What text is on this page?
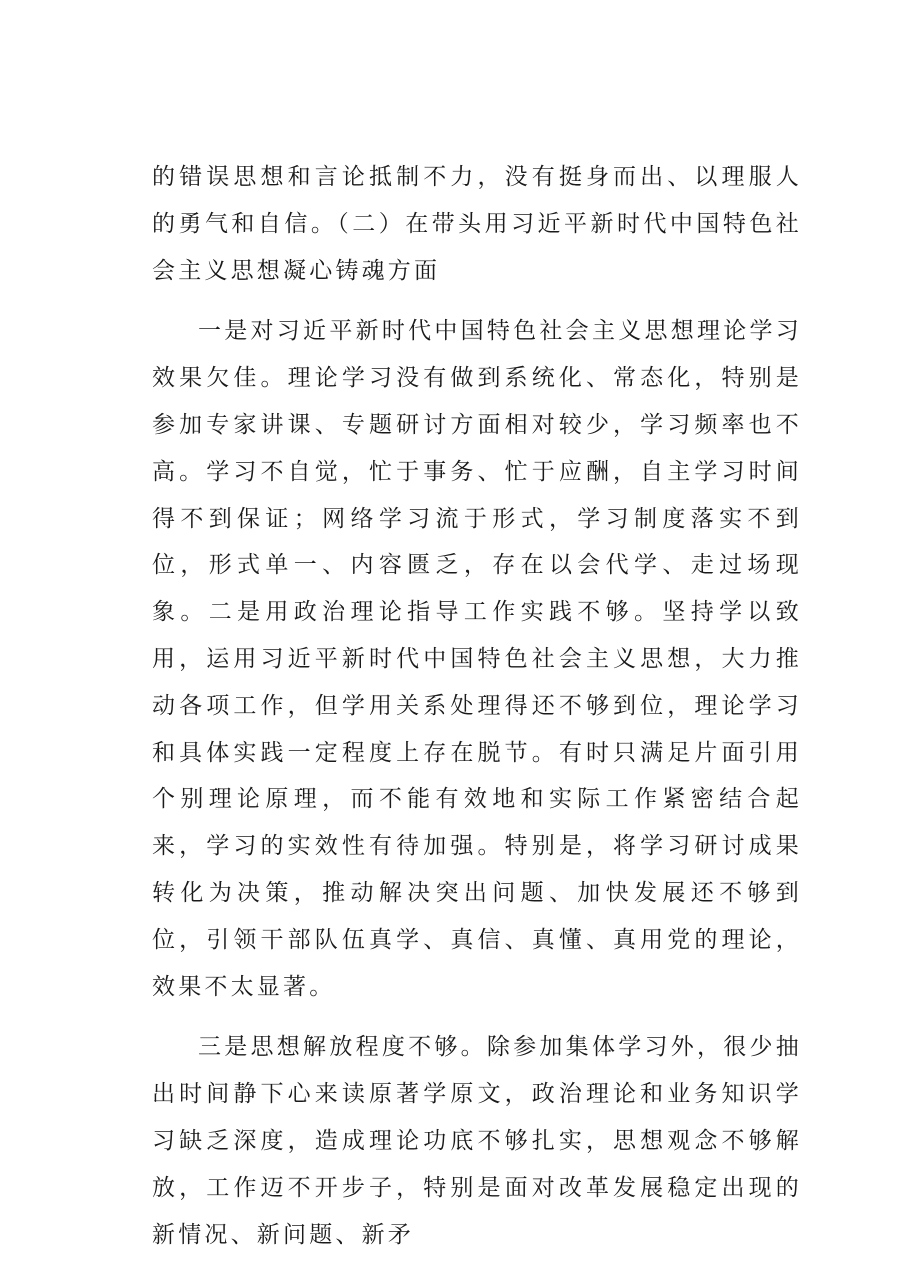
的错误思想和言论抵制不力，没有挺身而出、以理服人的勇气和自信。（二）在带头用习近平新时代中国特色社会主义思想凝心铸魂方面

一是对习近平新时代中国特色社会主义思想理论学习效果欠佳。理论学习没有做到系统化、常态化，特别是参加专家讲课、专题研讨方面相对较少，学习频率也不高。学习不自觉，忙于事务、忙于应酬，自主学习时间得不到保证；网络学习流于形式，学习制度落实不到位，形式单一、内容匮乏，存在以会代学、走过场现象。二是用政治理论指导工作实践不够。坚持学以致用，运用习近平新时代中国特色社会主义思想，大力推动各项工作，但学用关系处理得还不够到位，理论学习和具体实践一定程度上存在脱节。有时只满足片面引用个别理论原理，而不能有效地和实际工作紧密结合起来，学习的实效性有待加强。特别是，将学习研讨成果转化为决策，推动解决突出问题、加快发展还不够到位，引领干部队伍真学、真信、真懂、真用党的理论，效果不太显著。

三是思想解放程度不够。除参加集体学习外，很少抽出时间静下心来读原著学原文，政治理论和业务知识学习缺乏深度，造成理论功底不够扎实，思想观念不够解放，工作迈不开步子，特别是面对改革发展稳定出现的新情况、新问题、新矛
